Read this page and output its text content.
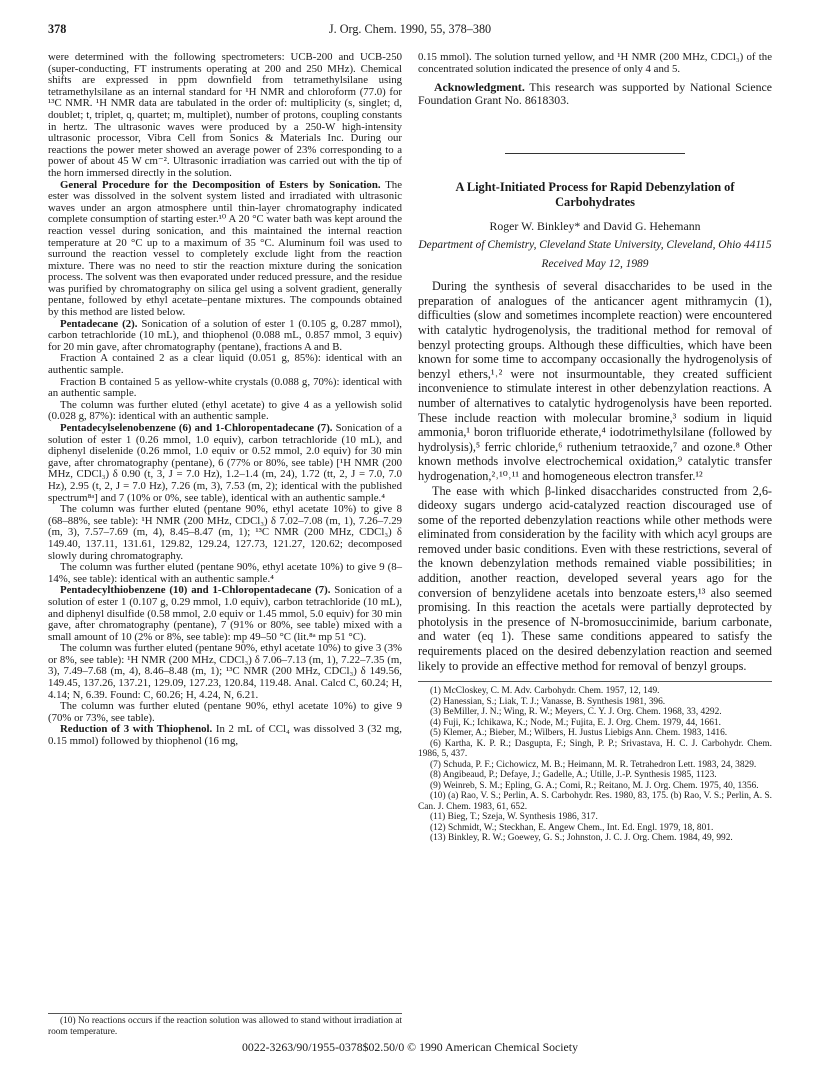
378	J. Org. Chem. 1990, 55, 378–380

were determined with the following spectrometers: UCB-200 and UCB-250 (super-conducting, FT instruments operating at 200 and 250 MHz). Chemical shifts are expressed in ppm downfield from tetramethylsilane using tetramethylsilane as an internal standard for ¹H NMR and chloroform (77.0) for ¹³C NMR. ¹H NMR data are tabulated in the order of: multiplicity (s, singlet; d, doublet; t, triplet, q, quartet; m, multiplet), number of protons, coupling constants in hertz. The ultrasonic waves were produced by a 250-W high-intensity ultrasonic processor, Vibra Cell from Sonics & Materials Inc. During our reactions the power meter showed an average power of 23% corresponding to a power of about 45 W cm⁻². Ultrasonic irradiation was carried out with the tip of the horn immersed directly in the solution.

General Procedure for the Decomposition of Esters by Sonication. The ester was dissolved in the solvent system listed and irradiated with ultrasonic waves under an argon atmosphere until thin-layer chromatography indicated complete consumption of starting ester.¹⁰ A 20 °C water bath was kept around the reaction vessel during sonication, and this maintained the internal reaction temperature at 20 °C up to a maximum of 35 °C. Aluminum foil was used to surround the reaction vessel to completely exclude light from the reaction mixture. There was no need to stir the reaction mixture during the sonication process. The solvent was then evaporated under reduced pressure, and the residue was purified by chromatography on silica gel using a solvent gradient, generally pentane, followed by ethyl acetate–pentane mixtures. The compounds obtained by this method are listed below.

Pentadecane (2). Sonication of a solution of ester 1 (0.105 g, 0.287 mmol), carbon tetrachloride (10 mL), and thiophenol (0.088 mL, 0.857 mmol, 3 equiv) for 20 min gave, after chromatography (pentane), fractions A and B.

Fraction A contained 2 as a clear liquid (0.051 g, 85%): identical with an authentic sample.

Fraction B contained 5 as yellow-white crystals (0.088 g, 70%): identical with an authentic sample.

The column was further eluted (ethyl acetate) to give 4 as a yellowish solid (0.028 g, 87%): identical with an authentic sample.

Pentadecylselenobenzene (6) and 1-Chloropentadecane (7). Sonication of a solution of ester 1 (0.26 mmol, 1.0 equiv), carbon tetrachloride (10 mL), and diphenyl diselenide (0.26 mmol, 1.0 equiv or 0.52 mmol, 2.0 equiv) for 30 min gave, after chromatography (pentane), 6 (77% or 80%, see table) [¹H NMR (200 MHz, CDCl₃) δ 0.90 (t, 3, J = 7.0 Hz), 1.2–1.4 (m, 24), 1.72 (tt, 2, J = 7.0, 7.0 Hz), 2.95 (t, 2, J = 7.0 Hz), 7.26 (m, 3), 7.53 (m, 2); identical with the published spectrum⁸ᵃ] and 7 (10% or 0%, see table), identical with an authentic sample.⁴

The column was further eluted (pentane 90%, ethyl acetate 10%) to give 8 (68–88%, see table): ¹H NMR (200 MHz, CDCl₃) δ 7.02–7.08 (m, 1), 7.26–7.29 (m, 3), 7.57–7.69 (m, 4), 8.45–8.47 (m, 1); ¹³C NMR (200 MHz, CDCl₃) δ 149.40, 137.11, 131.61, 129.82, 129.24, 127.73, 121.27, 120.62; decomposed slowly during chromatography.

The column was further eluted (pentane 90%, ethyl acetate 10%) to give 9 (8–14%, see table): identical with an authentic sample.⁴

Pentadecylthiobenzene (10) and 1-Chloropentadecane (7). Sonication of a solution of ester 1 (0.107 g, 0.29 mmol, 1.0 equiv), carbon tetrachloride (10 mL), and diphenyl disulfide (0.58 mmol, 2.0 equiv or 1.45 mmol, 5.0 equiv) for 30 min gave, after chromatography (pentane), 7 (91% or 80%, see table) mixed with a small amount of 10 (2% or 8%, see table): mp 49–50 °C (lit.⁸ᵃ mp 51 °C).

The column was further eluted (pentane 90%, ethyl acetate 10%) to give 3 (3% or 8%, see table): ¹H NMR (200 MHz, CDCl₃) δ 7.06–7.13 (m, 1), 7.22–7.35 (m, 3), 7.49–7.68 (m, 4), 8.46–8.48 (m, 1); ¹³C NMR (200 MHz, CDCl₃) δ 149.56, 149.45, 137.26, 137.21, 129.09, 127.23, 120.84, 119.48. Anal. Calcd C, 60.24; H, 4.14; N, 6.39. Found: C, 60.26; H, 4.24, N, 6.21.

The column was further eluted (pentane 90%, ethyl acetate 10%) to give 9 (70% or 73%, see table).

Reduction of 3 with Thiophenol. In 2 mL of CCl₄ was dissolved 3 (32 mg, 0.15 mmol) followed by thiophenol (16 mg,

(10) No reactions occurs if the reaction solution was allowed to stand without irradiation at room temperature.

0.15 mmol). The solution turned yellow, and ¹H NMR (200 MHz, CDCl₃) of the concentrated solution indicated the presence of only 4 and 5.

Acknowledgment. This research was supported by National Science Foundation Grant No. 8618303.

A Light-Initiated Process for Rapid Debenzylation of Carbohydrates
Roger W. Binkley* and David G. Hehemann
Department of Chemistry, Cleveland State University, Cleveland, Ohio 44115
Received May 12, 1989

During the synthesis of several disaccharides to be used in the preparation of analogues of the anticancer agent mithramycin (1), difficulties (slow and sometimes incomplete reaction) were encountered with catalytic hydrogenolysis, the traditional method for removal of benzyl protecting groups. Although these difficulties, which have been known for some time to accompany occasionally the hydrogenolysis of benzyl ethers,¹˒² were not insurmountable, they created sufficient inconvenience to stimulate interest in other debenzylation reactions. A number of alternatives to catalytic hydrogenolysis have been reported. These include reaction with molecular bromine,³ sodium in liquid ammonia,¹ boron trifluoride etherate,⁴ iodotrimethylsilane (followed by hydrolysis),⁵ ferric chloride,⁶ ruthenium tetraoxide,⁷ and ozone.⁸ Other known methods involve electrochemical oxidation,⁹ catalytic transfer hydrogenation,²˒¹⁰˒¹¹ and homogeneous electron transfer.¹²

The ease with which β-linked disaccharides constructed from 2,6-dideoxy sugars undergo acid-catalyzed reaction discouraged use of some of the reported debenzylation reactions while other methods were eliminated from consideration by the facility with which acyl groups are removed under basic conditions. Even with these restrictions, several of the known debenzylation methods remained viable possibilities; in addition, another reaction, developed several years ago for the conversion of benzylidene acetals into benzoate esters,¹³ also seemed promising. In this reaction the acetals were partially deprotected by photolysis in the presence of N-bromosuccinimide, barium carbonate, and water (eq 1). These same conditions appeared to satisfy the requirements placed on the desired debenzylation reaction and seemed likely to provide an effective method for removal of benzyl groups.

(1) McCloskey, C. M. Adv. Carbohydr. Chem. 1957, 12, 149.

(2) Hanessian, S.; Liak, T. J.; Vanasse, B. Synthesis 1981, 396.

(3) BeMiller, J. N.; Wing, R. W.; Meyers, C. Y. J. Org. Chem. 1968, 33, 4292.

(4) Fuji, K.; Ichikawa, K.; Node, M.; Fujita, E. J. Org. Chem. 1979, 44, 1661.

(5) Klemer, A.; Bieber, M.; Wilbers, H. Justus Liebigs Ann. Chem. 1983, 1416.

(6) Kartha, K. P. R.; Dasgupta, F.; Singh, P. P.; Srivastava, H. C. J. Carbohydr. Chem. 1986, 5, 437.

(7) Schuda, P. F.; Cichowicz, M. B.; Heimann, M. R. Tetrahedron Lett. 1983, 24, 3829.

(8) Angibeaud, P.; Defaye, J.; Gadelle, A.; Utille, J.-P. Synthesis 1985, 1123.

(9) Weinreb, S. M.; Epling, G. A.; Comi, R.; Reitano, M. J. Org. Chem. 1975, 40, 1356.

(10) (a) Rao, V. S.; Perlin, A. S. Carbohydr. Res. 1980, 83, 175. (b) Rao, V. S.; Perlin, A. S. Can. J. Chem. 1983, 61, 652.

(11) Bieg, T.; Szeja, W. Synthesis 1986, 317.

(12) Schmidt, W.; Steckhan, E. Angew Chem., Int. Ed. Engl. 1979, 18, 801.

(13) Binkley, R. W.; Goewey, G. S.; Johnston, J. C. J. Org. Chem. 1984, 49, 992.

0022-3263/90/1955-0378$02.50/0 © 1990 American Chemical Society
